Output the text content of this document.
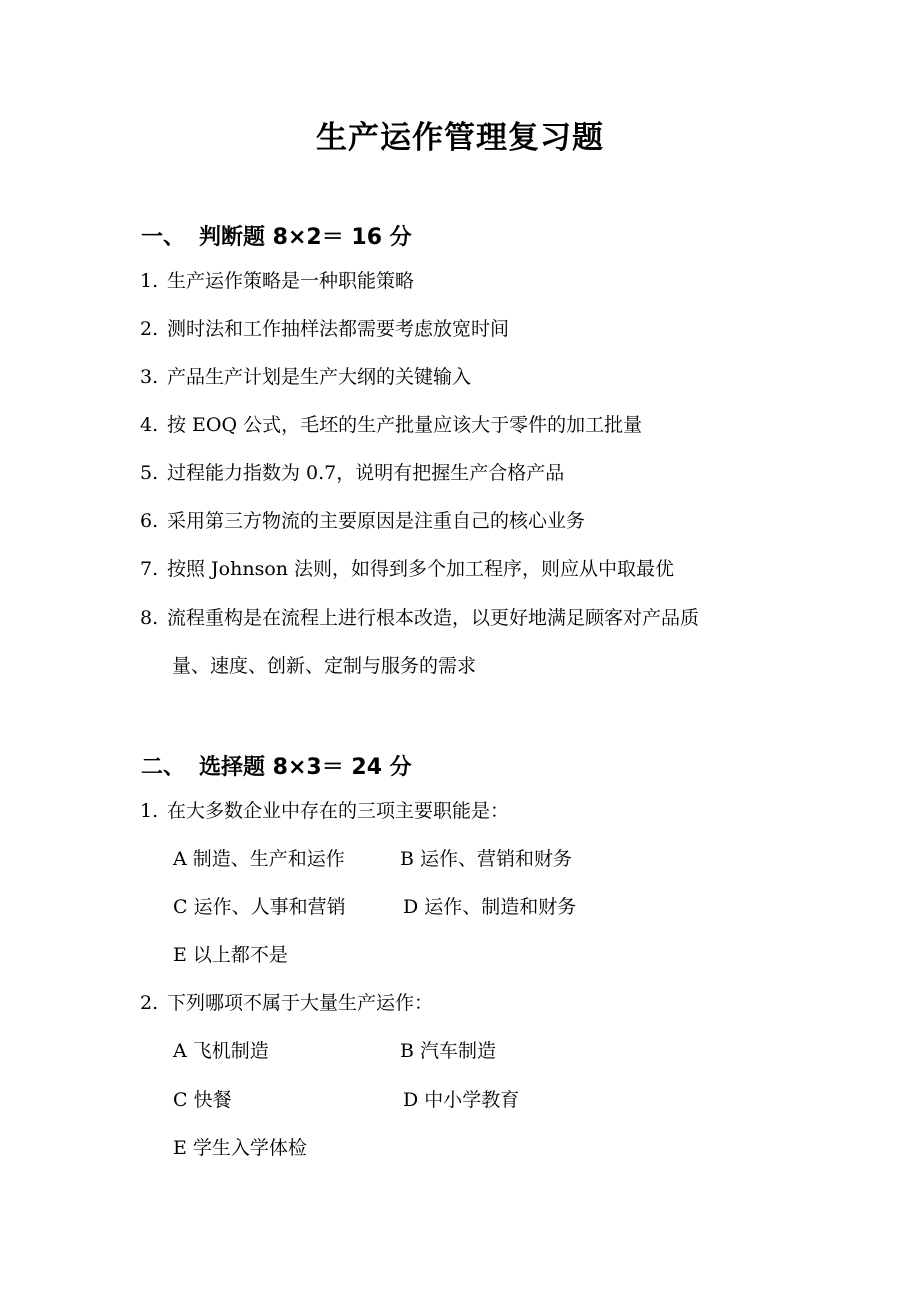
生产运作管理复习题
一、 判断题 8×2＝ 16 分
1. 生产运作策略是一种职能策略
2. 测时法和工作抽样法都需要考虑放宽时间
3. 产品生产计划是生产大纲的关键输入
4. 按 EOQ 公式，毛坯的生产批量应该大于零件的加工批量
5. 过程能力指数为 0.7，说明有把握生产合格产品
6. 采用第三方物流的主要原因是注重自己的核心业务
7. 按照 Johnson 法则，如得到多个加工程序，则应从中取最优
8. 流程重构是在流程上进行根本改造，以更好地满足顾客对产品质
量、速度、创新、定制与服务的需求
二、 选择题 8×3＝ 24 分
1. 在大多数企业中存在的三项主要职能是：
A 制造、生产和运作	B 运作、营销和财务
C 运作、人事和营销	D 运作、制造和财务
E 以上都不是
2. 下列哪项不属于大量生产运作：
A 飞机制造	B 汽车制造
C 快餐	D 中小学教育
E 学生入学体检
